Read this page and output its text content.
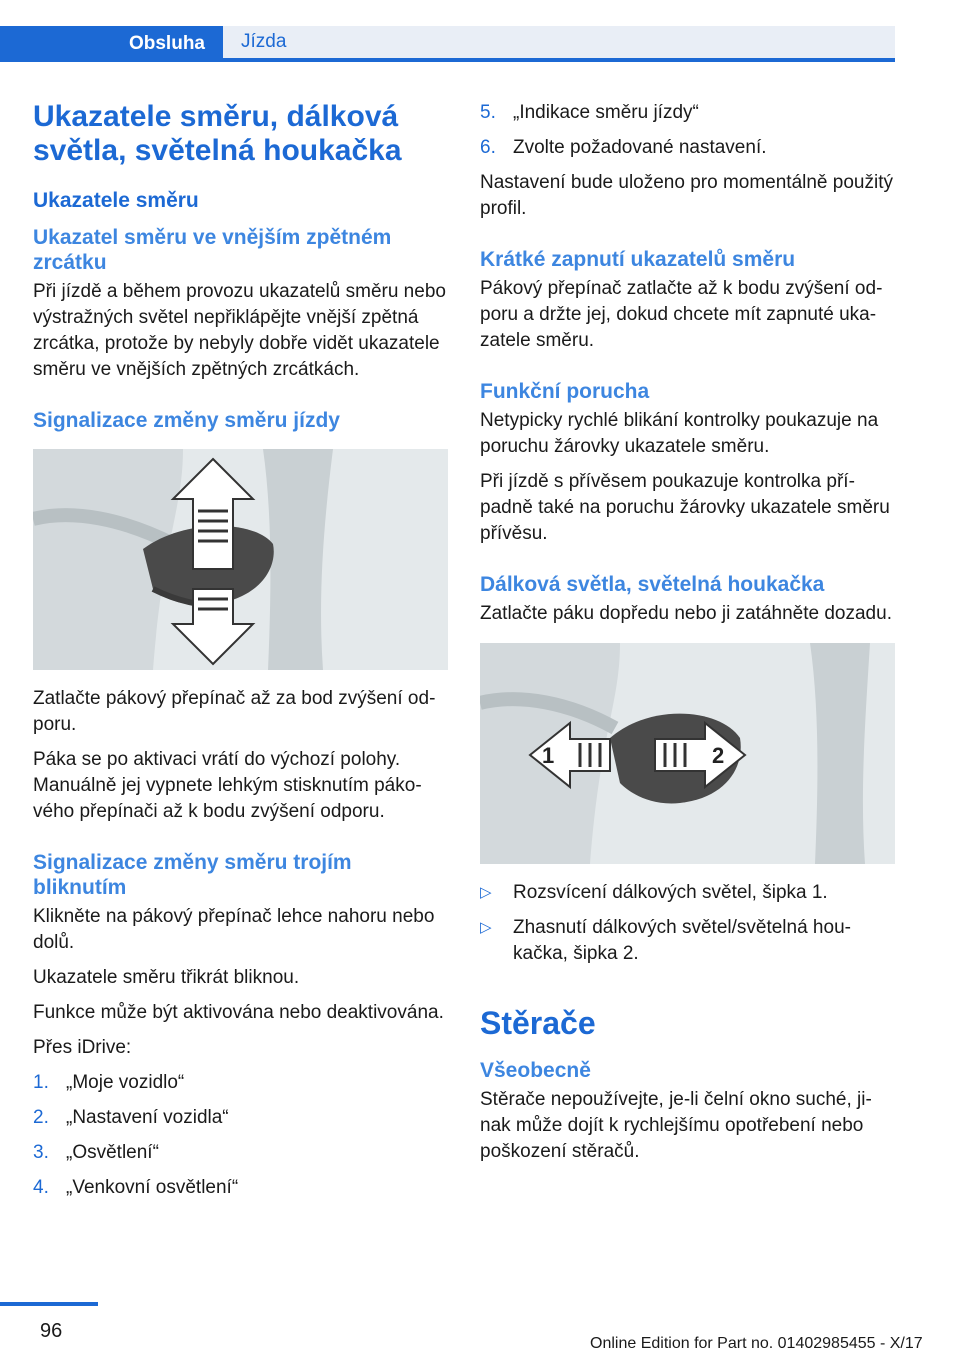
Obsluha	Jízda
Ukazatele směru, dálková světla, světelná houkačka
Ukazatele směru
Ukazatel směru ve vnějším zpětném zrcátku

Při jízdě a během provozu ukazatelů směru nebo výstražných světel nepřiklápějte vnější zpětná zrcátka, protože by nebyly dobře vidět ukazatele směru ve vnějších zpětných zrcátkách.

Signalizace změny směru jízdy

Zatlačte pákový přepínač až za bod zvýšení odporu.

Páka se po aktivaci vrátí do výchozí polohy. Manuálně jej vypnete lehkým stisknutím pákového přepínači až k bodu zvýšení odporu.

Signalizace změny směru trojím bliknutím

Klikněte na pákový přepínač lehce nahoru nebo dolů.

Ukazatele směru třikrát bliknou.

Funkce může být aktivována nebo deaktivována.

Přes iDrive:

1. „Moje vozidlo“
2. „Nastavení vozidla“
3. „Osvětlení“
4. „Venkovní osvětlení“
5. „Indikace směru jízdy“
6. Zvolte požadované nastavení.

Nastavení bude uloženo pro momentálně použitý profil.

Krátké zapnutí ukazatelů směru

Pákový přepínač zatlačte až k bodu zvýšení odporu a držte jej, dokud chcete mít zapnuté ukazatele směru.

Funkční porucha

Netypicky rychlé blikání kontrolky poukazuje na poruchu žárovky ukazatele směru.

Při jízdě s přívěsem poukazuje kontrolka případně také na poruchu žárovky ukazatele směru přívěsu.

Dálková světla, světelná houkačka

Zatlačte páku dopředu nebo ji zatáhněte dozadu.

1	2
▷ Rozsvícení dálkových světel, šipka 1.
▷ Zhasnutí dálkových světel/světelná houkačka, šipka 2.
Stěrače
Všeobecně

Stěrače nepoužívejte, je-li čelní okno suché, jinak může dojít k rychlejšímu opotřebení nebo poškození stěračů.

96
Online Edition for Part no. 01402985455 - X/17
